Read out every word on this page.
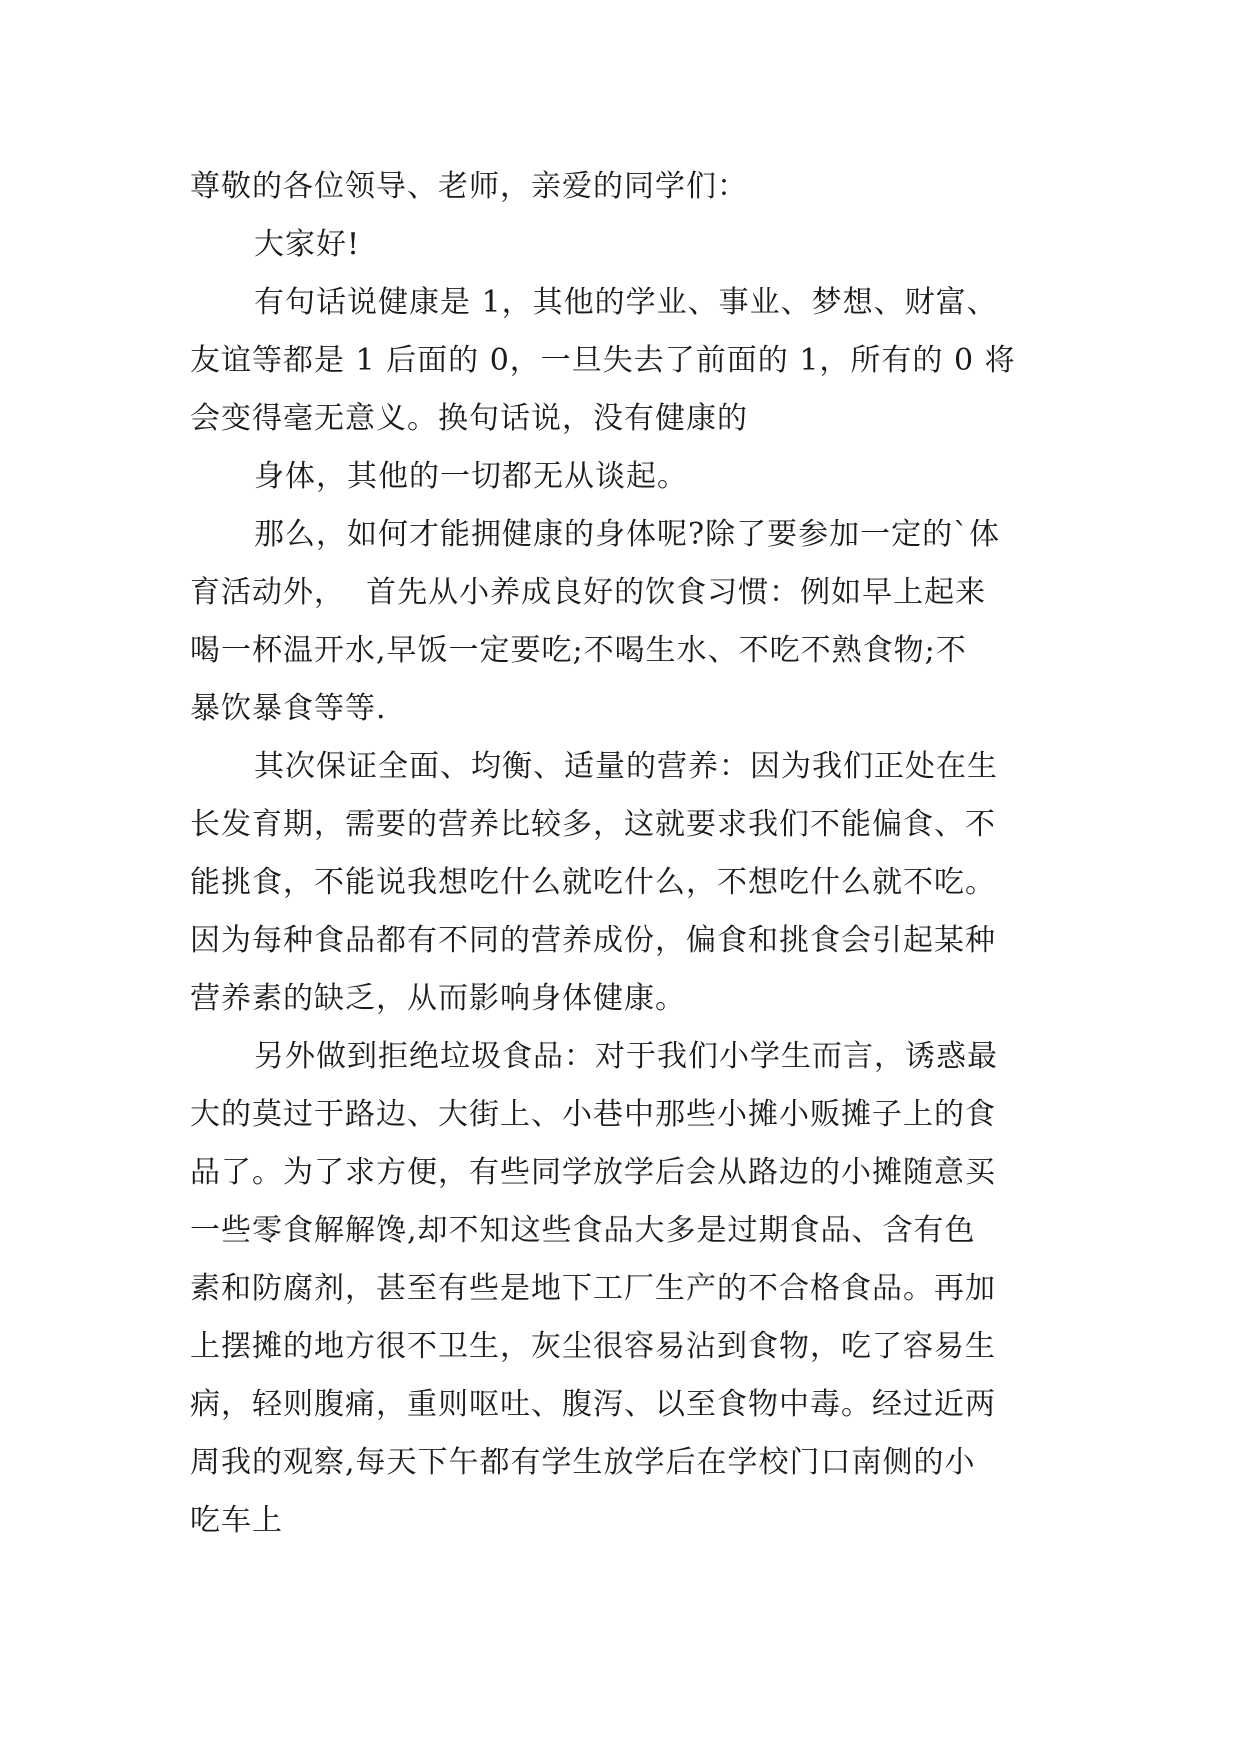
尊敬的各位领导、老师，亲爱的同学们：
大家好!
有句话说健康是 1，其他的学业、事业、梦想、财富、
友谊等都是 1 后面的 0，一旦失去了前面的 1，所有的 0 将
会变得毫无意义。换句话说，没有健康的
身体，其他的一切都无从谈起。
那么，如何才能拥健康的身体呢?除了要参加一定的`体
育活动外，  首先从小养成良好的饮食习惯：例如早上起来
喝一杯温开水,早饭一定要吃;不喝生水、不吃不熟食物;不
暴饮暴食等等.
其次保证全面、均衡、适量的营养：因为我们正处在生
长发育期，需要的营养比较多，这就要求我们不能偏食、不
能挑食，不能说我想吃什么就吃什么，不想吃什么就不吃。
因为每种食品都有不同的营养成份，偏食和挑食会引起某种
营养素的缺乏，从而影响身体健康。
另外做到拒绝垃圾食品：对于我们小学生而言，诱惑最
大的莫过于路边、大街上、小巷中那些小摊小贩摊子上的食
品了。为了求方便，有些同学放学后会从路边的小摊随意买
一些零食解解馋,却不知这些食品大多是过期食品、含有色
素和防腐剂，甚至有些是地下工厂生产的不合格食品。再加
上摆摊的地方很不卫生，灰尘很容易沾到食物，吃了容易生
病，轻则腹痛，重则呕吐、腹泻、以至食物中毒。经过近两
周我的观察,每天下午都有学生放学后在学校门口南侧的小
吃车上
